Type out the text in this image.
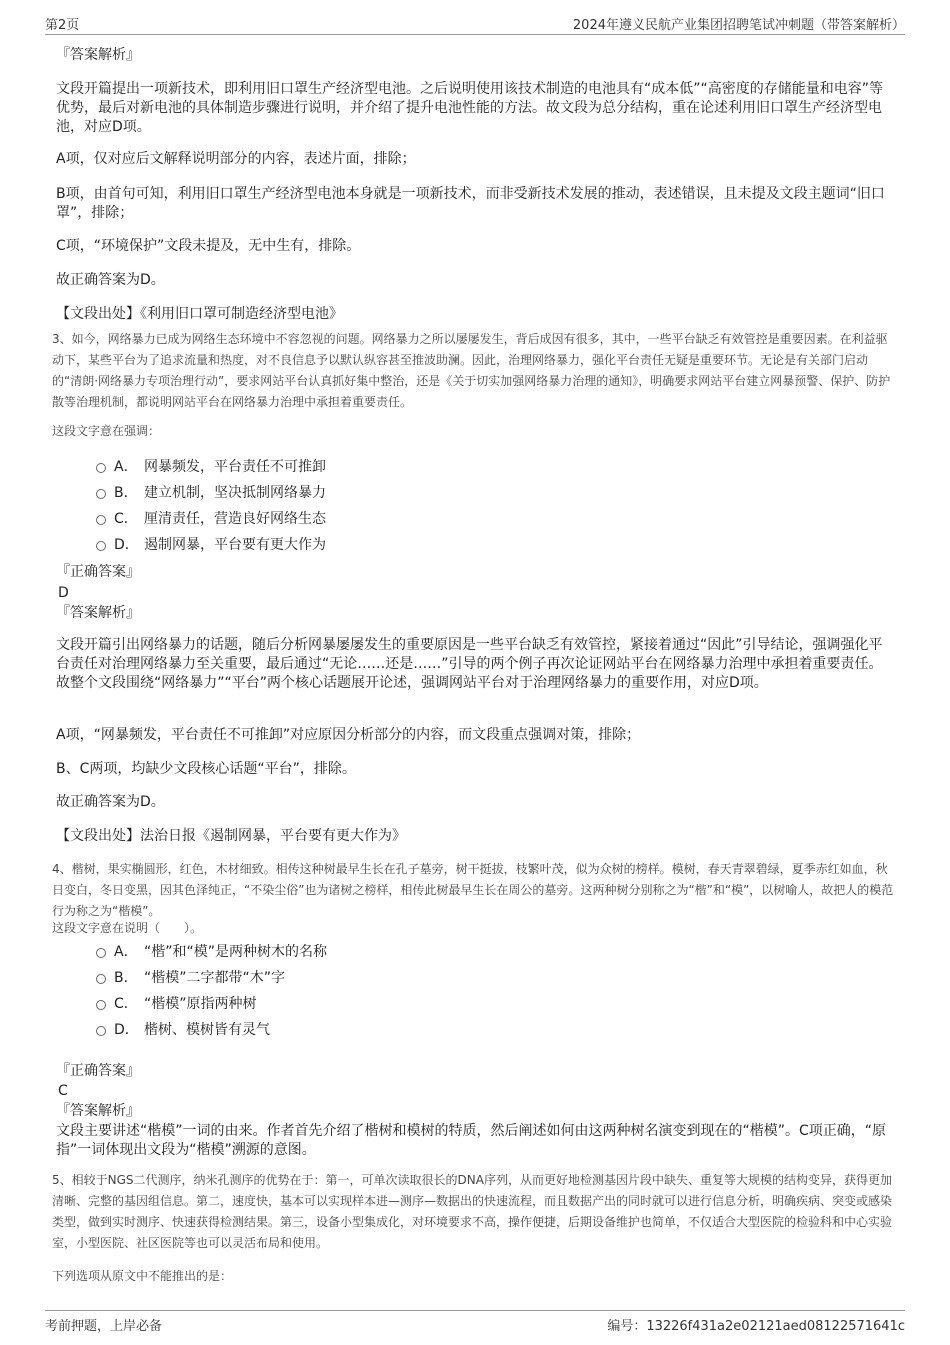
第2页	2024年遵义民航产业集团招聘笔试冲刺题（带答案解析）
『答案解析』

文段开篇提出一项新技术，即利用旧口罩生产经济型电池。之后说明使用该技术制造的电池具有“成本低”“高密度的存储能量和电容”等优势，最后对新电池的具体制造步骤进行说明，并介绍了提升电池性能的方法。故文段为总分结构，重在论述利用旧口罩生产经济型电池，对应D项。

A项，仅对应后文解释说明部分的内容，表述片面，排除；

B项，由首句可知，利用旧口罩生产经济型电池本身就是一项新技术，而非受新技术发展的推动，表述错误，且未提及文段主题词“旧口罩”，排除；

C项，“环境保护”文段未提及，无中生有，排除。

故正确答案为D。

【文段出处】《利用旧口罩可制造经济型电池》

3、如今，网络暴力已成为网络生态环境中不容忽视的问题。网络暴力之所以屡屡发生，背后成因有很多，其中，一些平台缺乏有效管控是重要因素。在利益驱动下，某些平台为了追求流量和热度，对不良信息予以默认纵容甚至推波助澜。因此，治理网络暴力，强化平台责任无疑是重要环节。无论是有关部门启动的“清朗·网络暴力专项治理行动”，要求网站平台认真抓好集中整治，还是《关于切实加强网络暴力治理的通知》，明确要求网站平台建立网暴预警、保护、防护散等治理机制，都说明网站平台在网络暴力治理中承担着重要责任。

这段文字意在强调：

A． 网暴频发，平台责任不可推卸
B． 建立机制，坚决抵制网络暴力
C． 厘清责任，营造良好网络生态
D． 遏制网暴，平台要有更大作为
『正确答案』
D
『答案解析』

文段开篇引出网络暴力的话题，随后分析网暴屡屡发生的重要原因是一些平台缺乏有效管控，紧接着通过“因此”引导结论，强调强化平台责任对治理网络暴力至关重要，最后通过“无论……还是……”引导的两个例子再次论证网站平台在网络暴力治理中承担着重要责任。故整个文段围绕“网络暴力”“平台”两个核心话题展开论述，强调网站平台对于治理网络暴力的重要作用，对应D项。

A项，“网暴频发，平台责任不可推卸”对应原因分析部分的内容，而文段重点强调对策，排除；

B、C两项，均缺少文段核心话题“平台”，排除。

故正确答案为D。

【文段出处】法治日报《遏制网暴，平台要有更大作为》

4、楷树，果实椭圆形，红色，木材细致。相传这种树最早生长在孔子墓旁，树干挺拔，枝繁叶茂，似为众树的榜样。模树，春天青翠碧绿，夏季赤红如血，秋日变白，冬日变黑，因其色泽纯正，“不染尘俗”也为诸树之榜样，相传此树最早生长在周公的墓旁。这两种树分别称之为“楷”和“模”，以树喻人，故把人的模范行为称之为“楷模”。

这段文字意在说明（　　）。

A． “楷”和“模”是两种树木的名称
B． “楷模”二字都带“木”字
C． “楷模”原指两种树
D． 楷树、模树皆有灵气
『正确答案』
C
『答案解析』

文段主要讲述“楷模”一词的由来。作者首先介绍了楷树和模树的特质，然后阐述如何由这两种树名演变到现在的“楷模”。C项正确，“原指”一词体现出文段为“楷模”溯源的意图。

5、相较于NGS二代测序，纳米孔测序的优势在于：第一，可单次读取很长的DNA序列，从而更好地检测基因片段中缺失、重复等大规模的结构变异，获得更加清晰、完整的基因组信息。第二，速度快，基本可以实现样本进—测序—数据出的快速流程，而且数据产出的同时就可以进行信息分析，明确疾病、突变或感染类型，做到实时测序、快速获得检测结果。第三，设备小型集成化，对环境要求不高，操作便捷，后期设备维护也简单，不仅适合大型医院的检验科和中心实验室，小型医院、社区医院等也可以灵活布局和使用。

下列选项从原文中不能推出的是：

考前押题，上岸必备	编号：13226f431a2e02121aed08122571641c
